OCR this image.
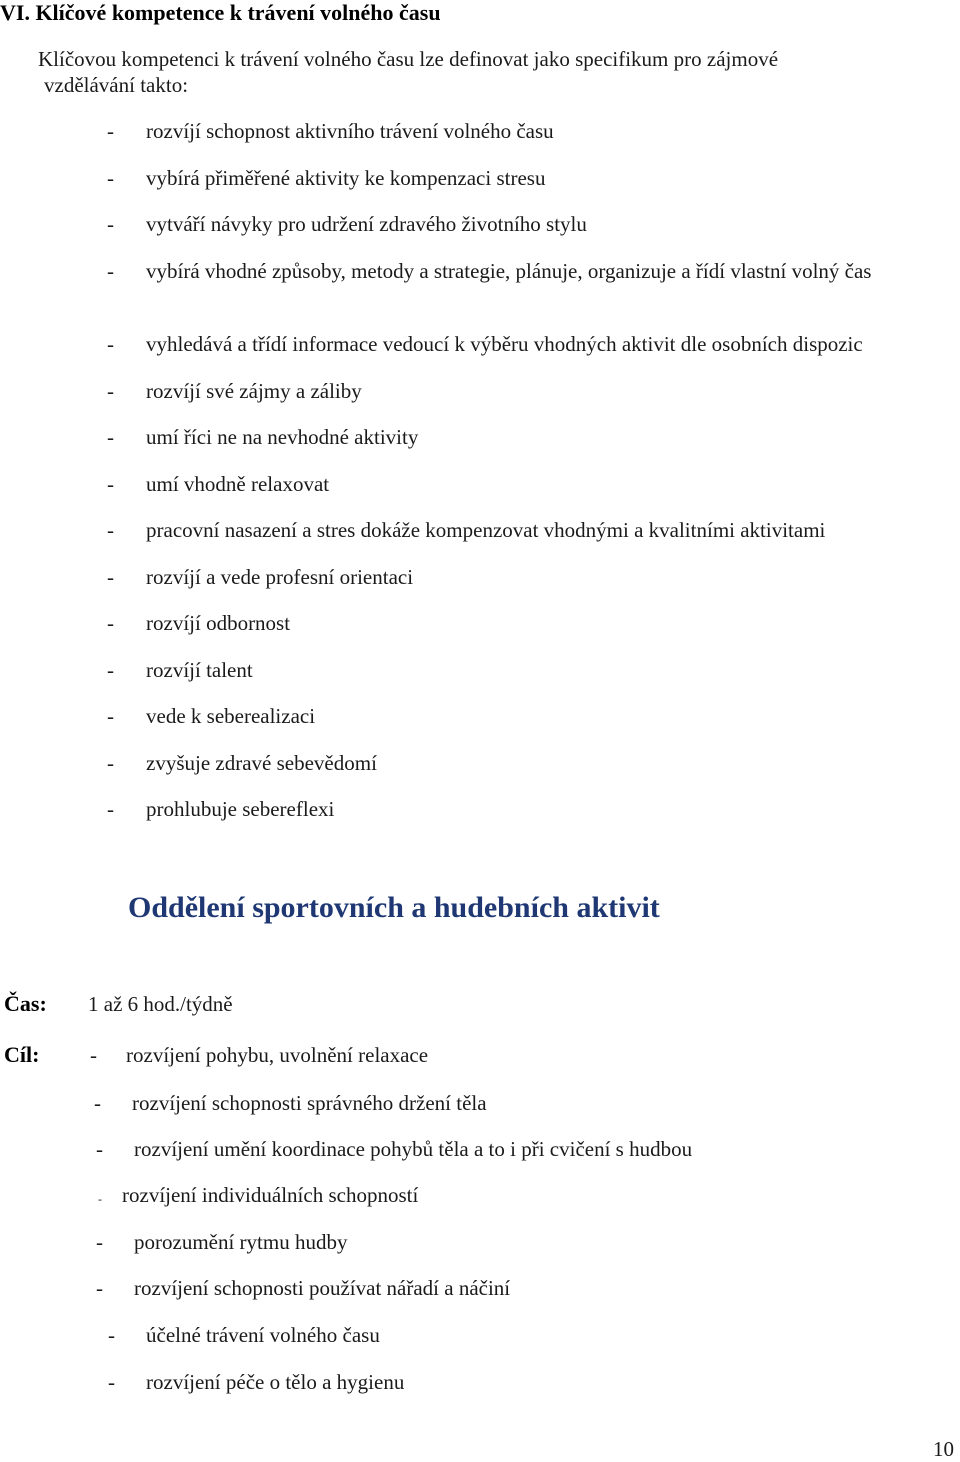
VI. Klíčové kompetence k trávení volného času
Klíčovou kompetenci k trávení volného času lze definovat jako specifikum pro zájmové
vzdělávání takto:
- rozvíjí schopnost aktivního trávení volného času
- vybírá přiměřené aktivity ke kompenzaci stresu
- vytváří návyky pro udržení zdravého životního stylu
- vybírá vhodné způsoby, metody a strategie, plánuje, organizuje a řídí vlastní volný čas
- vyhledává a třídí informace vedoucí k výběru vhodných aktivit dle osobních dispozic
- rozvíjí své zájmy a záliby
- umí říci ne na nevhodné aktivity
- umí vhodně relaxovat
- pracovní nasazení a stres dokáže kompenzovat vhodnými a kvalitními aktivitami
- rozvíjí a vede profesní orientaci
- rozvíjí odbornost
- rozvíjí talent
- vede k seberealizaci
- zvyšuje zdravé sebevědomí
- prohlubuje sebereflexi
Oddělení sportovních a hudebních aktivit
Čas: 1 až 6 hod./týdně
Cíl: - rozvíjení pohybu, uvolnění relaxace
- rozvíjení schopnosti správného držení těla
- rozvíjení umění koordinace pohybů těla a to i při cvičení s hudbou
- rozvíjení individuálních schopností
- porozumění rytmu hudby
- rozvíjení schopnosti používat nářadí a náčiní
- účelné trávení volného času
- rozvíjení péče o tělo a hygienu
10
